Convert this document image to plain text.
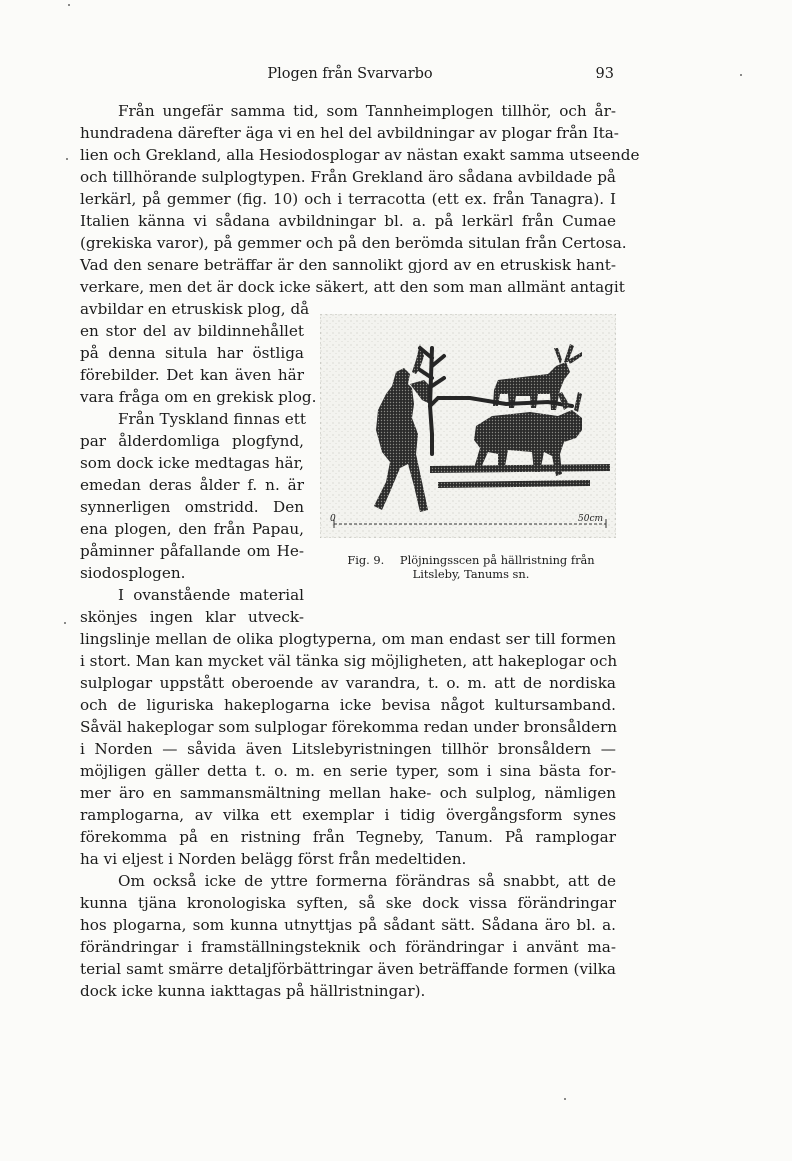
Plogen från Svarvarbo	93
Från ungefär samma tid, som Tannheimplogen tillhör, och år-
hundradena därefter äga vi en hel del avbildningar av plogar från Ita-
lien och Grekland, alla Hesiodosplogar av nästan exakt samma utseende
och tillhörande sulplogtypen. Från Grekland äro sådana avbildade på
lerkärl, på gemmer (fig. 10) och i terracotta (ett ex. från Tanagra). I
Italien känna vi sådana avbildningar bl. a. på lerkärl från Cumae
(grekiska varor), på gemmer och på den berömda situlan från Certosa.
Vad den senare beträffar är den sannolikt gjord av en etruskisk hant-
verkare, men det är dock icke säkert, att den som man allmänt antagit
avbildar en etruskisk plog, då
en stor del av bildinnehållet
på denna situla har östliga
förebilder. Det kan även här
vara fråga om en grekisk plog.
Från Tyskland finnas ett
par ålderdomliga plogfynd,
som dock icke medtagas här,
emedan deras ålder f. n. är
synnerligen omstridd. Den
ena plogen, den från Papau,
påminner påfallande om He-
siodosplogen.
I ovanstående material
skönjes ingen klar utveck-
lingslinje mellan de olika plogtyperna, om man endast ser till formen
i stort. Man kan mycket väl tänka sig möjligheten, att hakeplogar och
sulplogar uppstått oberoende av varandra, t. o. m. att de nordiska
och de liguriska hakeplogarna icke bevisa något kultursamband.
Såväl hakeplogar som sulplogar förekomma redan under bronsåldern
i Norden — såvida även Litslebyristningen tillhör bronsåldern —
möjligen gäller detta t. o. m. en serie typer, som i sina bästa for-
mer äro en sammansmältning mellan hake- och sulplog, nämligen
ramplogarna, av vilka ett exemplar i tidig övergångsform synes
förekomma på en ristning från Tegneby, Tanum. På ramplogar
ha vi eljest i Norden belägg först från medeltiden.
Om också icke de yttre formerna förändras så snabbt, att de
kunna tjäna kronologiska syften, så ske dock vissa förändringar
hos plogarna, som kunna utnyttjas på sådant sätt. Sådana äro bl. a.
förändringar i framställningsteknik och förändringar i använt ma-
terial samt smärre detaljförbättringar även beträffande formen (vilka
dock icke kunna iakttagas på hällristningar).
0	50cm
Fig. 9. Plöjningsscen på hällristning från
Litsleby, Tanums sn.
